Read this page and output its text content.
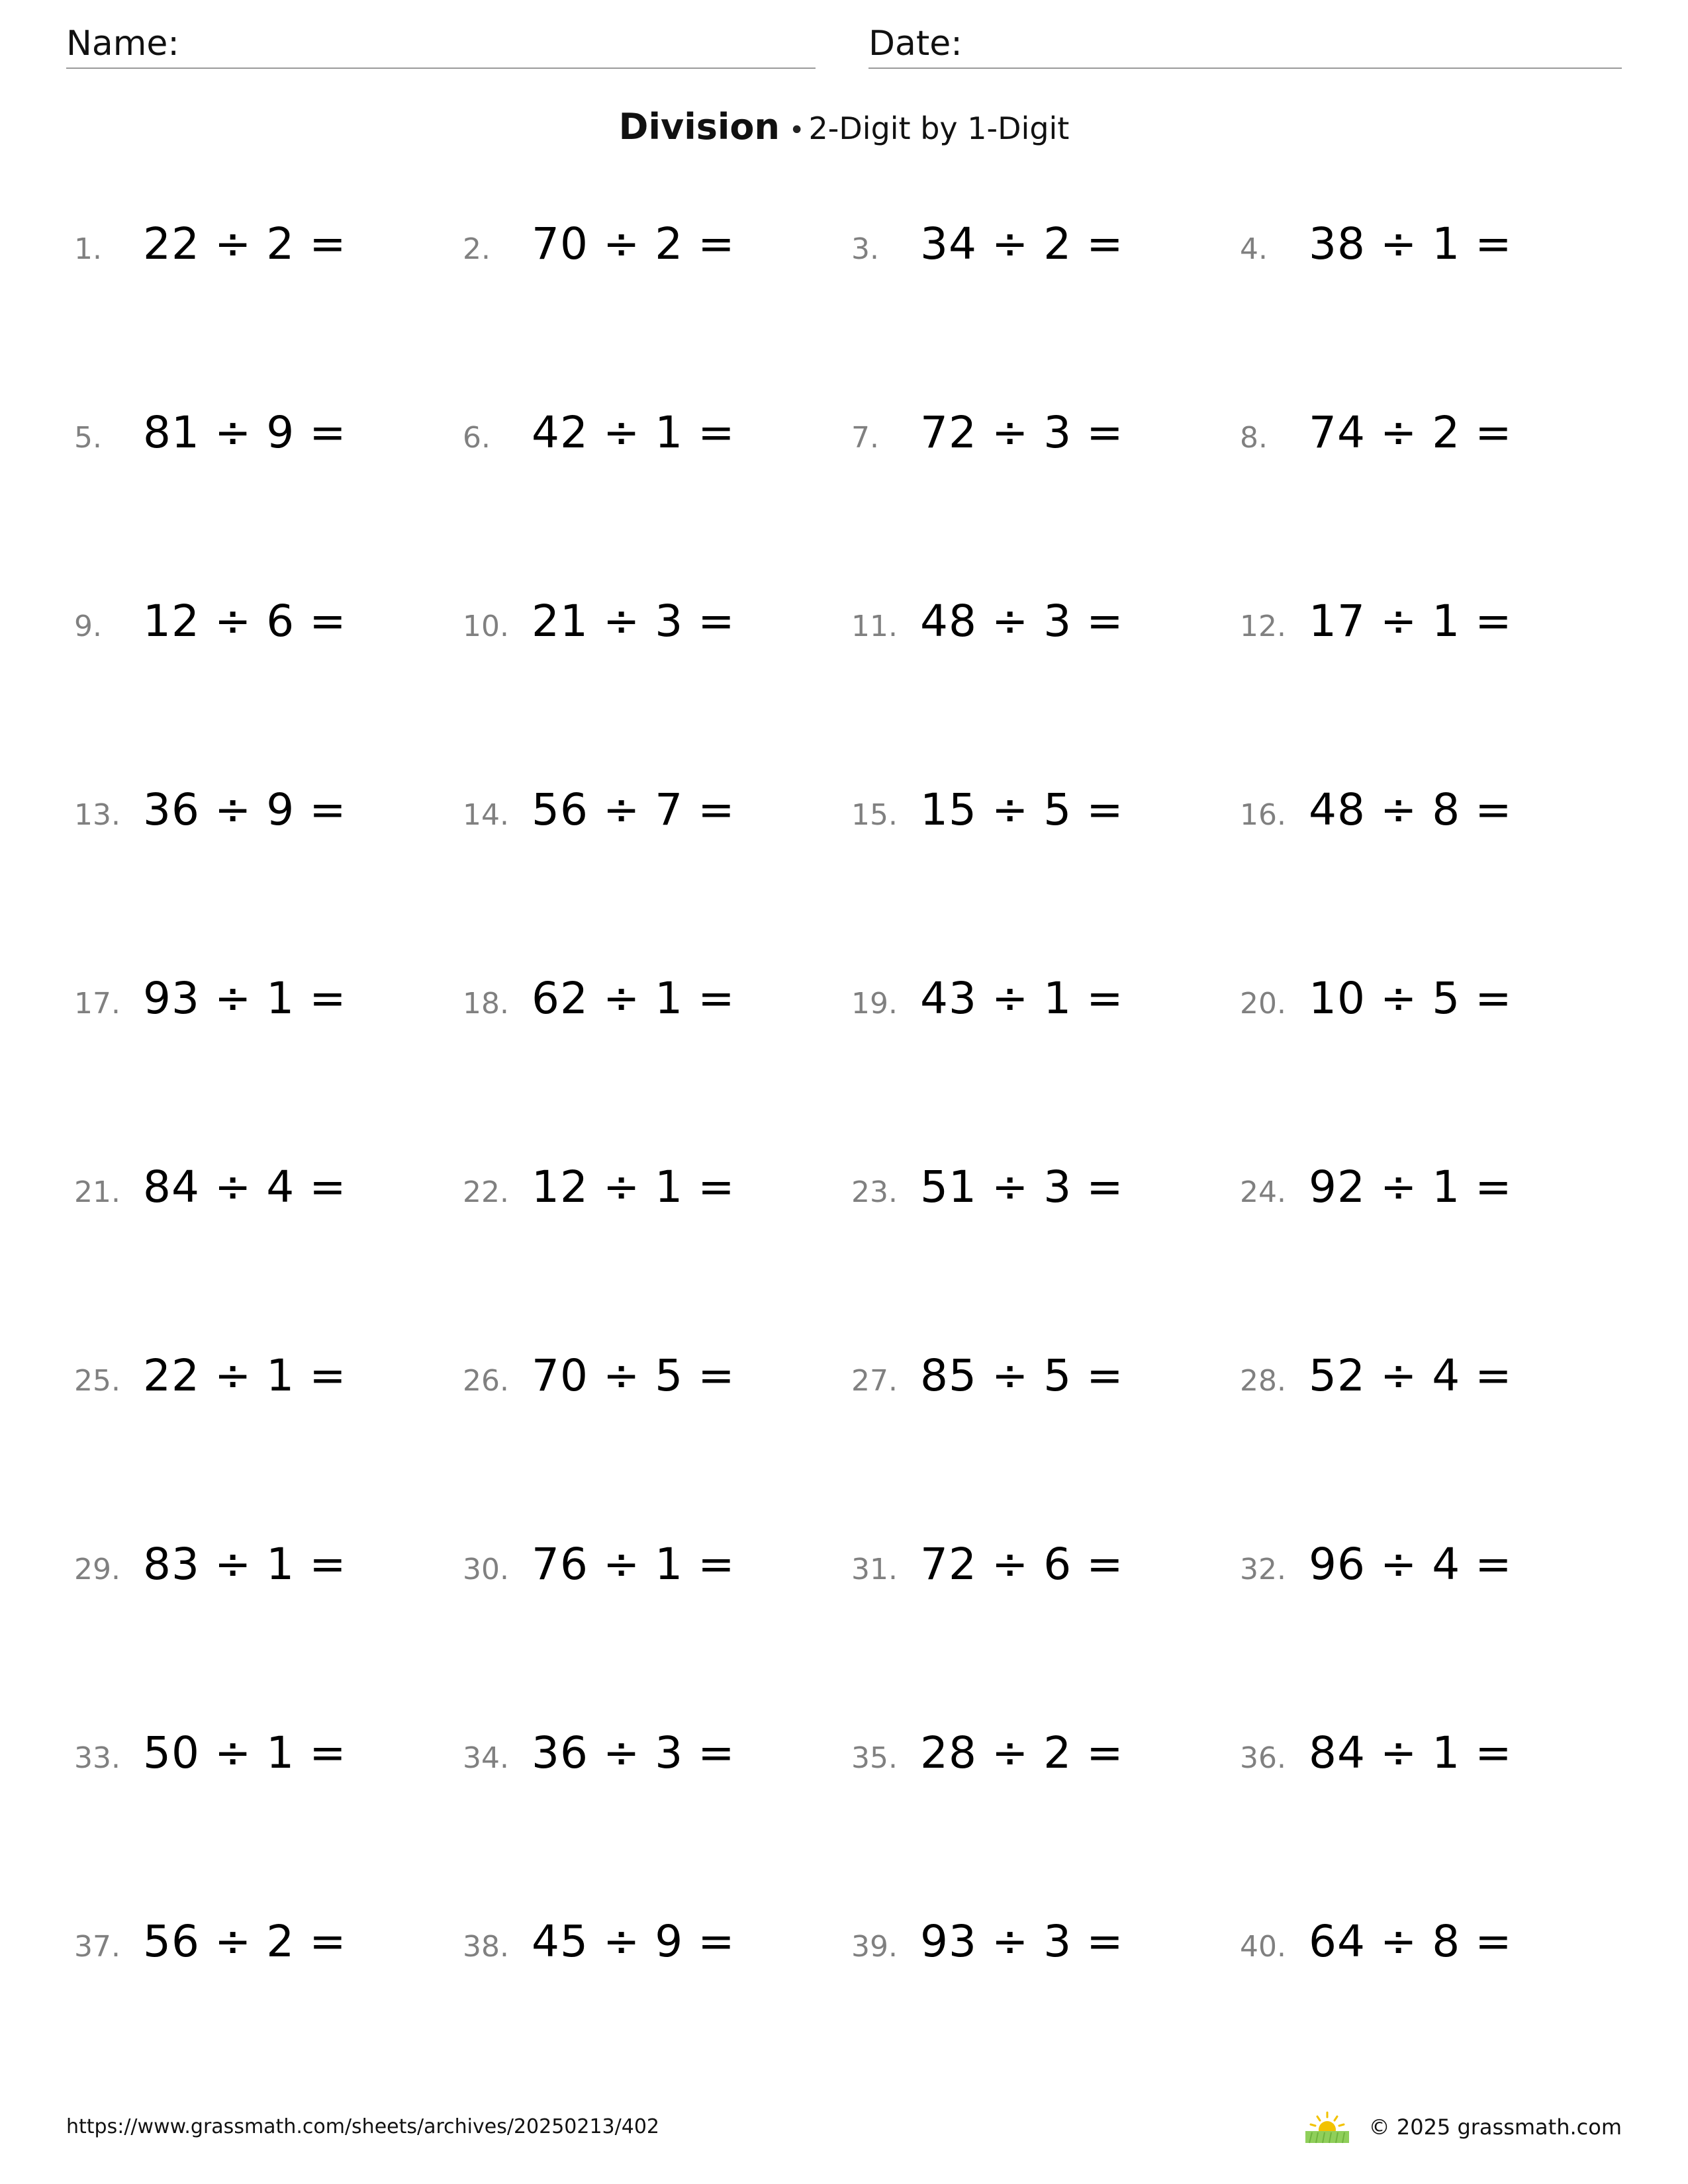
Name:	Date:
Division • 2-Digit by 1-Digit
1. 22 ÷ 2 =	2. 70 ÷ 2 =	3. 34 ÷ 2 =	4. 38 ÷ 1 =
5. 81 ÷ 9 =	6. 42 ÷ 1 =	7. 72 ÷ 3 =	8. 74 ÷ 2 =
9. 12 ÷ 6 =	10. 21 ÷ 3 =	11. 48 ÷ 3 =	12. 17 ÷ 1 =
13. 36 ÷ 9 =	14. 56 ÷ 7 =	15. 15 ÷ 5 =	16. 48 ÷ 8 =
17. 93 ÷ 1 =	18. 62 ÷ 1 =	19. 43 ÷ 1 =	20. 10 ÷ 5 =
21. 84 ÷ 4 =	22. 12 ÷ 1 =	23. 51 ÷ 3 =	24. 92 ÷ 1 =
25. 22 ÷ 1 =	26. 70 ÷ 5 =	27. 85 ÷ 5 =	28. 52 ÷ 4 =
29. 83 ÷ 1 =	30. 76 ÷ 1 =	31. 72 ÷ 6 =	32. 96 ÷ 4 =
33. 50 ÷ 1 =	34. 36 ÷ 3 =	35. 28 ÷ 2 =	36. 84 ÷ 1 =
37. 56 ÷ 2 =	38. 45 ÷ 9 =	39. 93 ÷ 3 =	40. 64 ÷ 8 =
https://www.grassmath.com/sheets/archives/20250213/402	© 2025 grassmath.com
